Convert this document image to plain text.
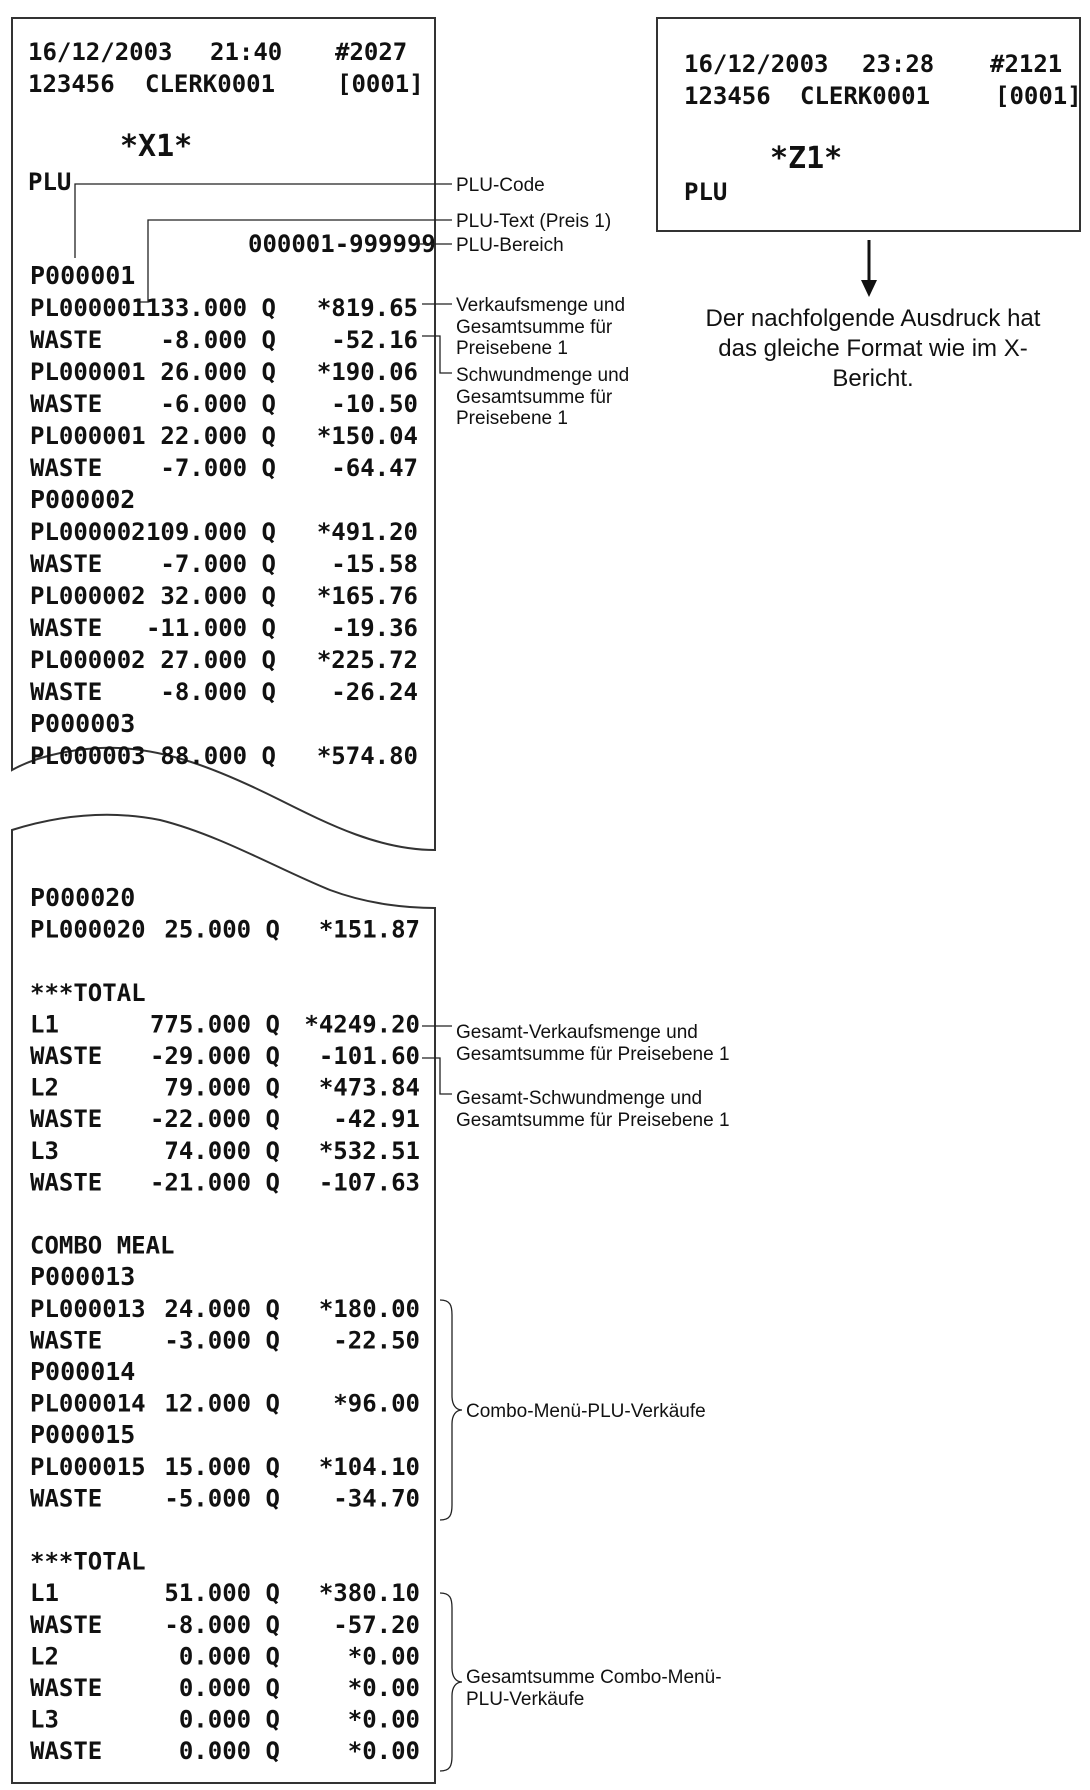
16/12/2003 21:40 #2027
123456 CLERK0001	[0001]
*X1*
PLU
000001-999999
P000001
PL000001 133.000 Q *819.65
WASTE -8.000 Q -52.16
PL000001 26.000 Q *190.06
WASTE -6.000 Q -10.50
PL000001 22.000 Q *150.04
WASTE -7.000 Q -64.47
P000002
PL000002 109.000 Q *491.20
WASTE -7.000 Q -15.58
PL000002 32.000 Q *165.76
WASTE -11.000 Q -19.36
PL000002 27.000 Q *225.72
WASTE -8.000 Q -26.24
P000003
PL000003 88.000 Q *574.80
P000020
PL000020 25.000 Q *151.87
***TOTAL
L1	775.000 Q *4249.20
WASTE -29.000 Q -101.60
L2	79.000 Q *473.84
WASTE -22.000 Q -42.91
L3	74.000 Q *532.51
WASTE -21.000 Q -107.63
COMBO MEAL
P000013
PL000013 24.000 Q *180.00
WASTE	-3.000 Q -22.50
P000014
PL000014 12.000 Q *96.00
P000015
PL000015 15.000 Q *104.10
WASTE	-5.000 Q -34.70
***TOTAL
L1	51.000 Q *380.10
WASTE	-8.000 Q -57.20
L2	0.000 Q	*0.00
WASTE	0.000 Q	*0.00
L3	0.000 Q	*0.00
WASTE	0.000 Q	*0.00
16/12/2003 23:28 #2121
123456 CLERK0001	[0001]
*Z1*
PLU
Der nachfolgende Ausdruck hat
das gleiche Format wie im X-
Bericht.
PLU-Code
PLU-Text (Preis 1)
PLU-Bereich
Verkaufsmenge und
Gesamtsumme für
Preisebene 1
Schwundmenge und
Gesamtsumme für
Preisebene 1
Gesamt-Verkaufsmenge und
Gesamtsumme für Preisebene 1
Gesamt-Schwundmenge und
Gesamtsumme für Preisebene 1
Combo-Menü-PLU-Verkäufe
Gesamtsumme Combo-Menü-
PLU-Verkäufe
